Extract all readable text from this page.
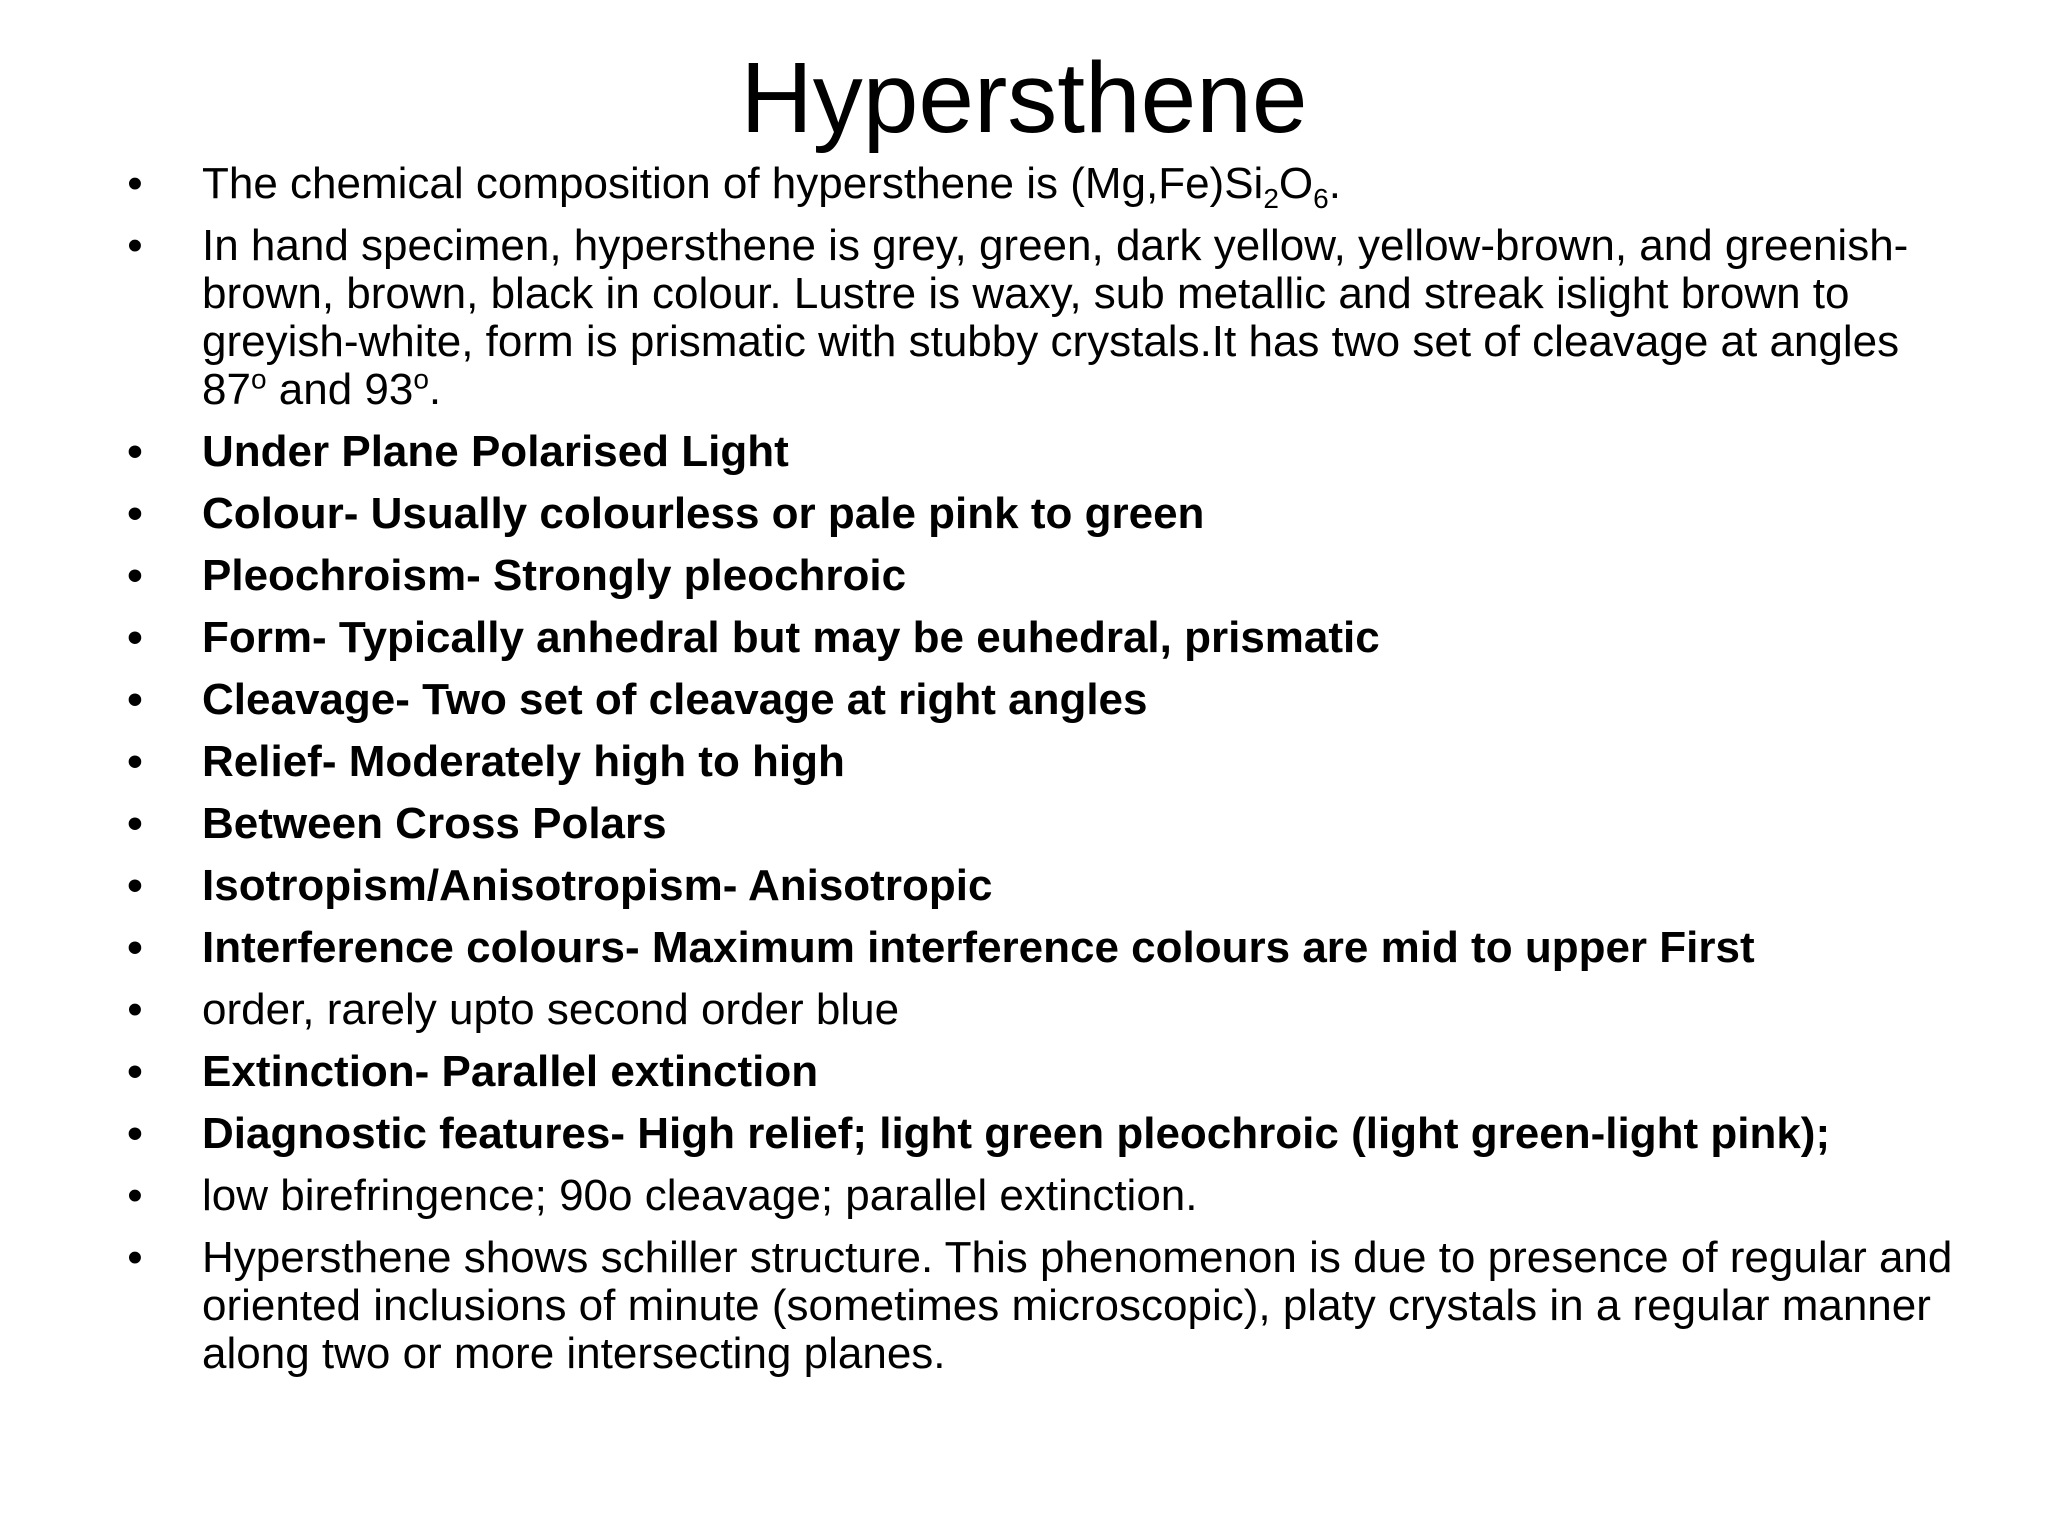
Hypersthene
• The chemical composition of hypersthene is $(Mg,Fe)Si_2O_6$.
• In hand specimen, hypersthene is grey, green, dark yellow, yellow-brown, and greenish-brown, brown, black in colour. Lustre is waxy, sub metallic and streak islight brown to greyish-white, form is prismatic with stubby crystals.It has two set of cleavage at angles 87$^o$ and 93$^o$.
• Under Plane Polarised Light
• Colour- Usually colourless or pale pink to green
• Pleochroism- Strongly pleochroic
• Form- Typically anhedral but may be euhedral, prismatic
• Cleavage- Two set of cleavage at right angles
• Relief- Moderately high to high
• Between Cross Polars
• Isotropism/Anisotropism- Anisotropic
• Interference colours- Maximum interference colours are mid to upper First
• order, rarely upto second order blue
• Extinction- Parallel extinction
• Diagnostic features- High relief; light green pleochroic (light green-light pink);
• low birefringence; 90o cleavage; parallel extinction.
• Hypersthene shows schiller structure. This phenomenon is due to presence of regular and oriented inclusions of minute (sometimes microscopic), platy crystals in a regular manner along two or more intersecting planes.
